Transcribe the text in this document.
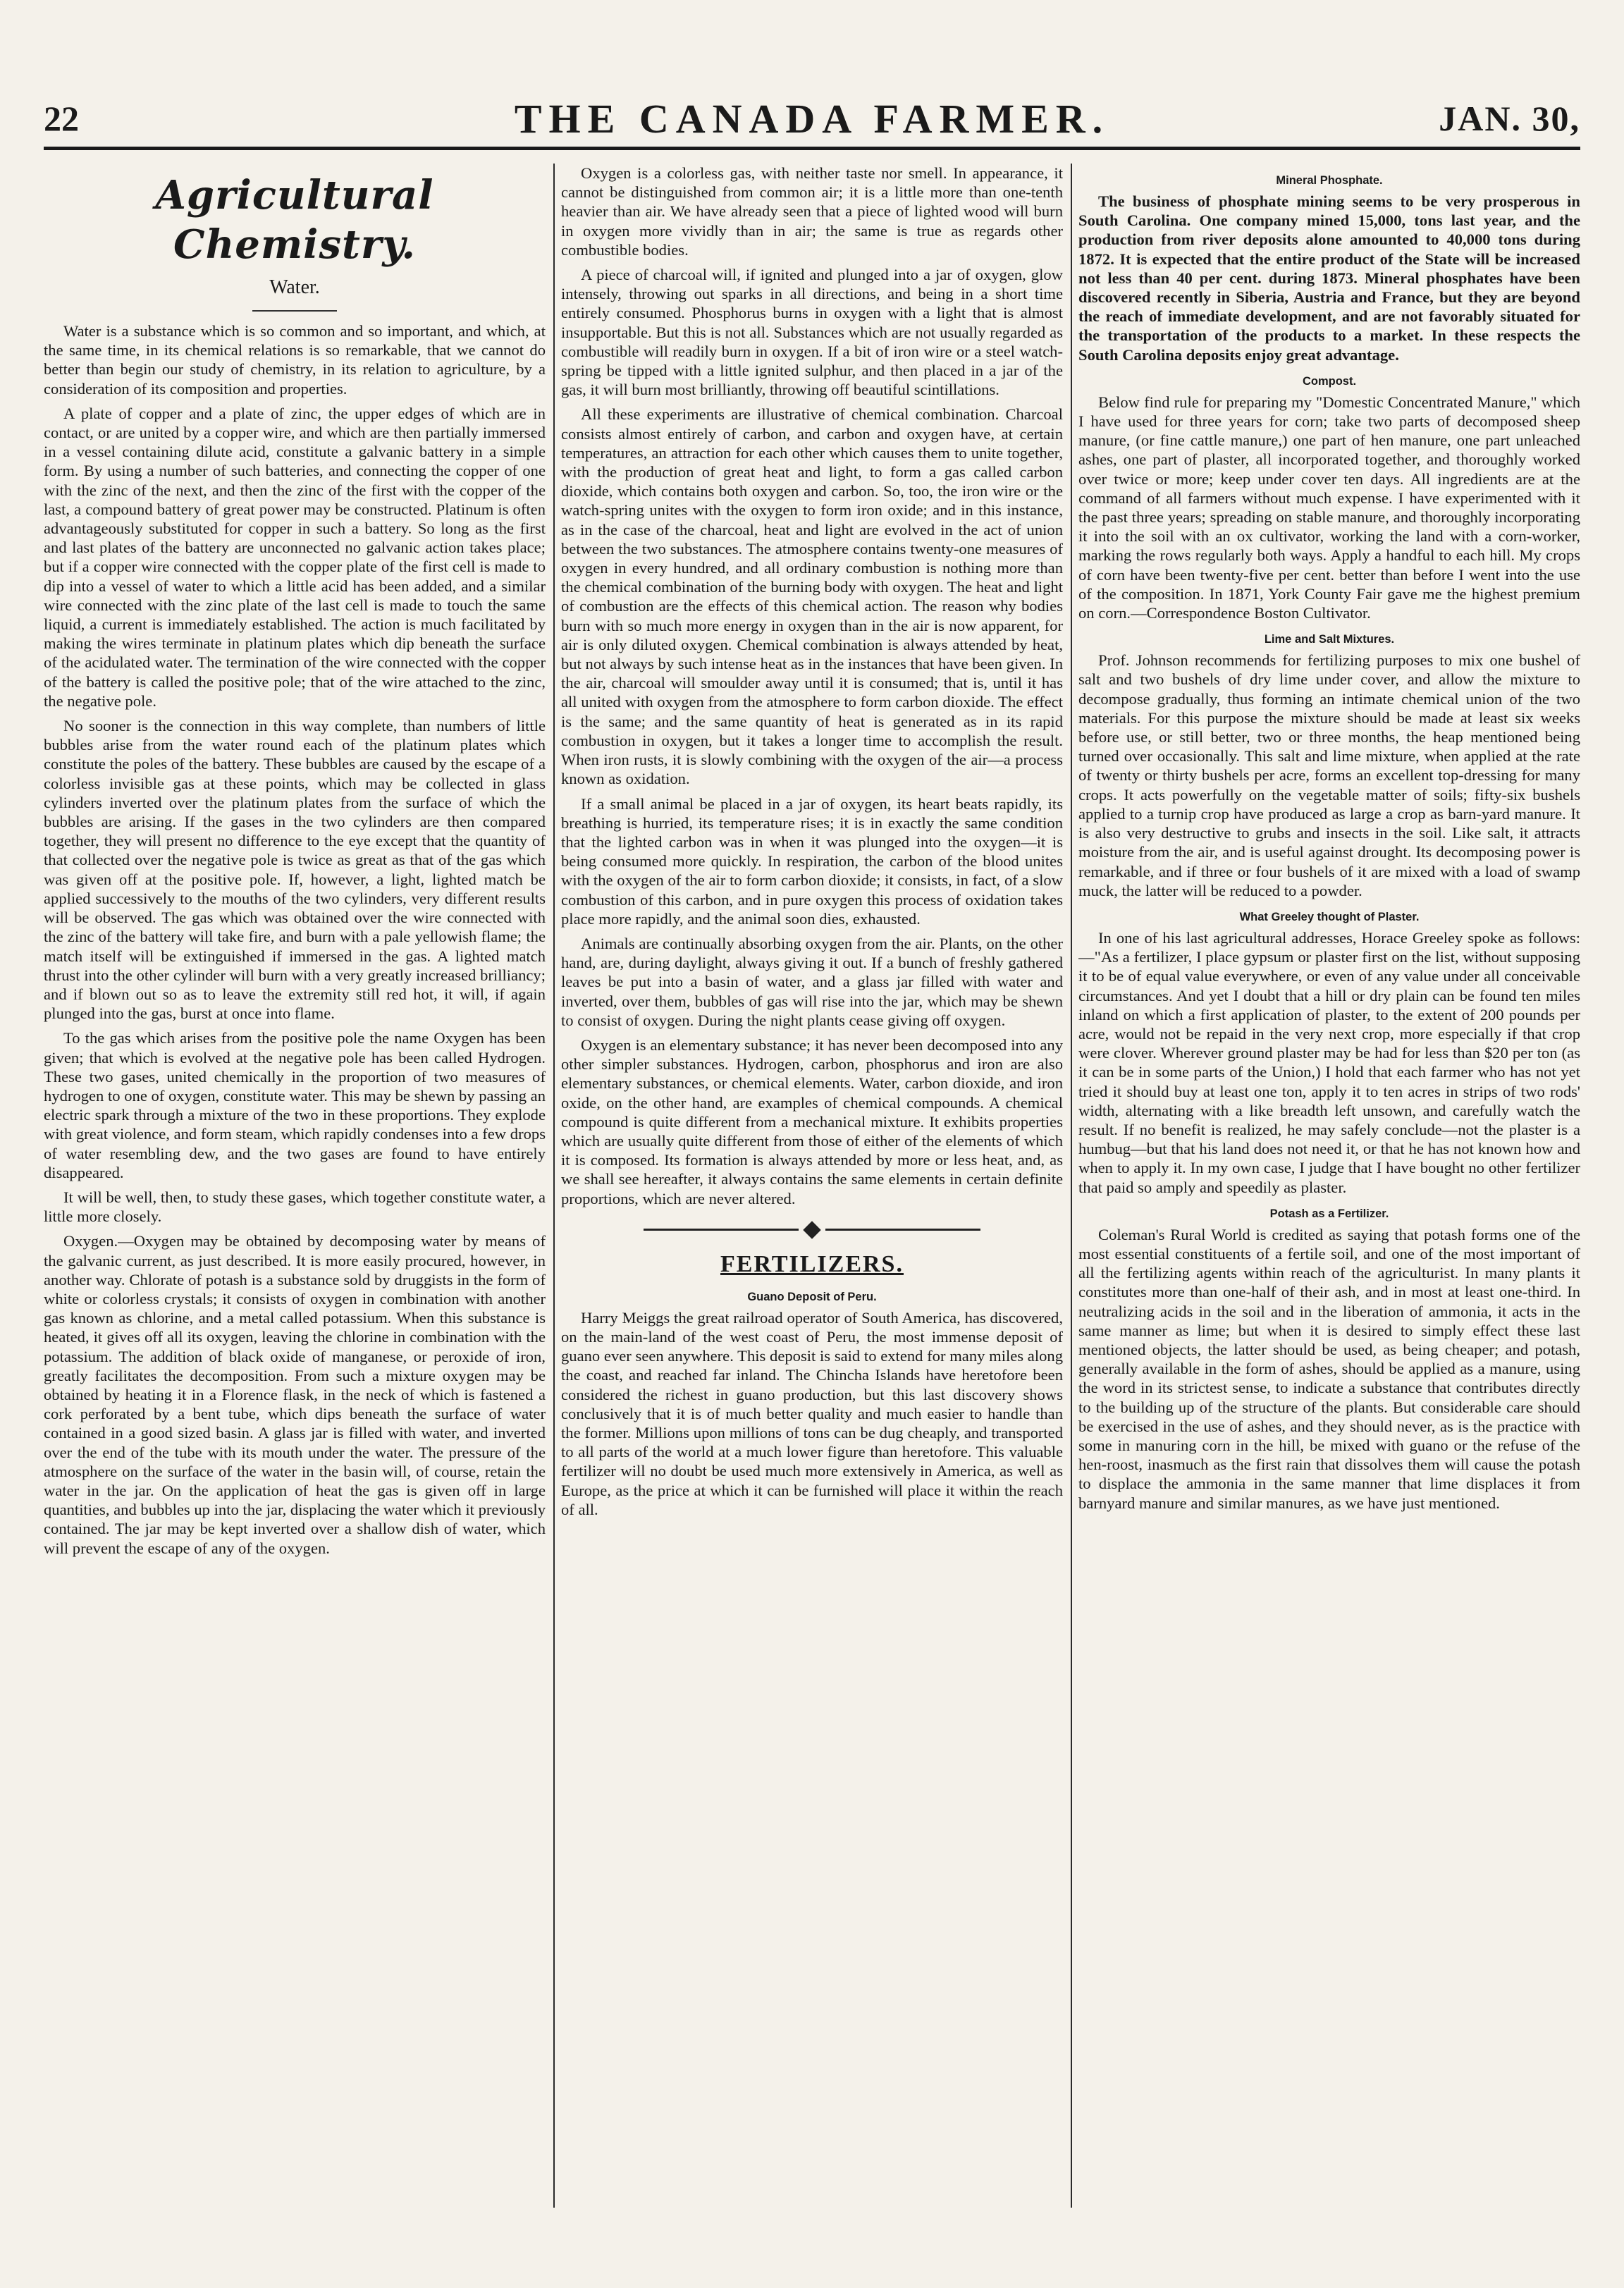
22	THE CANADA FARMER.	JAN. 30,
Agricultural Chemistry.
Water.

Water is a substance which is so common and so important, and which, at the same time, in its chemical relations is so remarkable, that we cannot do better than begin our study of chemistry, in its relation to agriculture, by a consideration of its composition and properties.

A plate of copper and a plate of zinc, the upper edges of which are in contact, or are united by a copper wire, and which are then partially immersed in a vessel containing dilute acid, constitute a galvanic battery in a simple form. By using a number of such batteries, and connecting the copper of one with the zinc of the next, and then the zinc of the first with the copper of the last, a compound battery of great power may be constructed. Platinum is often advantageously substituted for copper in such a battery. So long as the first and last plates of the battery are unconnected no galvanic action takes place; but if a copper wire connected with the copper plate of the first cell is made to dip into a vessel of water to which a little acid has been added, and a similar wire connected with the zinc plate of the last cell is made to touch the same liquid, a current is immediately established. The action is much facilitated by making the wires terminate in platinum plates which dip beneath the surface of the acidulated water. The termination of the wire connected with the copper of the battery is called the positive pole; that of the wire attached to the zinc, the negative pole.

No sooner is the connection in this way complete, than numbers of little bubbles arise from the water round each of the platinum plates which constitute the poles of the battery. These bubbles are caused by the escape of a colorless invisible gas at these points, which may be collected in glass cylinders inverted over the platinum plates from the surface of which the bubbles are arising. If the gases in the two cylinders are then compared together, they will present no difference to the eye except that the quantity of that collected over the negative pole is twice as great as that of the gas which was given off at the positive pole. If, however, a light, lighted match be applied successively to the mouths of the two cylinders, very different results will be observed. The gas which was obtained over the wire connected with the zinc of the battery will take fire, and burn with a pale yellowish flame; the match itself will be extinguished if immersed in the gas. A lighted match thrust into the other cylinder will burn with a very greatly increased brilliancy; and if blown out so as to leave the extremity still red hot, it will, if again plunged into the gas, burst at once into flame.

To the gas which arises from the positive pole the name Oxygen has been given; that which is evolved at the negative pole has been called Hydrogen. These two gases, united chemically in the proportion of two measures of hydrogen to one of oxygen, constitute water. This may be shewn by passing an electric spark through a mixture of the two in these proportions. They explode with great violence, and form steam, which rapidly condenses into a few drops of water resembling dew, and the two gases are found to have entirely disappeared.

It will be well, then, to study these gases, which together constitute water, a little more closely.

Oxygen.—Oxygen may be obtained by decomposing water by means of the galvanic current, as just described. It is more easily procured, however, in another way. Chlorate of potash is a substance sold by druggists in the form of white or colorless crystals; it consists of oxygen in combination with another gas known as chlorine, and a metal called potassium. When this substance is heated, it gives off all its oxygen, leaving the chlorine in combination with the potassium. The addition of black oxide of manganese, or peroxide of iron, greatly facilitates the decomposition. From such a mixture oxygen may be obtained by heating it in a Florence flask, in the neck of which is fastened a cork perforated by a bent tube, which dips beneath the surface of water contained in a good sized basin. A glass jar is filled with water, and inverted over the end of the tube with its mouth under the water. The pressure of the atmosphere on the surface of the water in the basin will, of course, retain the water in the jar. On the application of heat the gas is given off in large quantities, and bubbles up into the jar, displacing the water which it previously contained. The jar may be kept inverted over a shallow dish of water, which will prevent the escape of any of the oxygen.

Oxygen is a colorless gas, with neither taste nor smell. In appearance, it cannot be distinguished from common air; it is a little more than one-tenth heavier than air. We have already seen that a piece of lighted wood will burn in oxygen more vividly than in air; the same is true as regards other combustible bodies.

A piece of charcoal will, if ignited and plunged into a jar of oxygen, glow intensely, throwing out sparks in all directions, and being in a short time entirely consumed. Phosphorus burns in oxygen with a light that is almost insupportable. But this is not all. Substances which are not usually regarded as combustible will readily burn in oxygen. If a bit of iron wire or a steel watch-spring be tipped with a little ignited sulphur, and then placed in a jar of the gas, it will burn most brilliantly, throwing off beautiful scintillations.

All these experiments are illustrative of chemical combination. Charcoal consists almost entirely of carbon, and carbon and oxygen have, at certain temperatures, an attraction for each other which causes them to unite together, with the production of great heat and light, to form a gas called carbon dioxide, which contains both oxygen and carbon. So, too, the iron wire or the watch-spring unites with the oxygen to form iron oxide; and in this instance, as in the case of the charcoal, heat and light are evolved in the act of union between the two substances. The atmosphere contains twenty-one measures of oxygen in every hundred, and all ordinary combustion is nothing more than the chemical combination of the burning body with oxygen. The heat and light of combustion are the effects of this chemical action. The reason why bodies burn with so much more energy in oxygen than in the air is now apparent, for air is only diluted oxygen. Chemical combination is always attended by heat, but not always by such intense heat as in the instances that have been given. In the air, charcoal will smoulder away until it is consumed; that is, until it has all united with oxygen from the atmosphere to form carbon dioxide. The effect is the same; and the same quantity of heat is generated as in its rapid combustion in oxygen, but it takes a longer time to accomplish the result. When iron rusts, it is slowly combining with the oxygen of the air—a process known as oxidation.

If a small animal be placed in a jar of oxygen, its heart beats rapidly, its breathing is hurried, its temperature rises; it is in exactly the same condition that the lighted carbon was in when it was plunged into the oxygen—it is being consumed more quickly. In respiration, the carbon of the blood unites with the oxygen of the air to form carbon dioxide; it consists, in fact, of a slow combustion of this carbon, and in pure oxygen this process of oxidation takes place more rapidly, and the animal soon dies, exhausted.

Animals are continually absorbing oxygen from the air. Plants, on the other hand, are, during daylight, always giving it out. If a bunch of freshly gathered leaves be put into a basin of water, and a glass jar filled with water and inverted, over them, bubbles of gas will rise into the jar, which may be shewn to consist of oxygen. During the night plants cease giving off oxygen.

Oxygen is an elementary substance; it has never been decomposed into any other simpler substances. Hydrogen, carbon, phosphorus and iron are also elementary substances, or chemical elements. Water, carbon dioxide, and iron oxide, on the other hand, are examples of chemical compounds. A chemical compound is quite different from a mechanical mixture. It exhibits properties which are usually quite different from those of either of the elements of which it is composed. Its formation is always attended by more or less heat, and, as we shall see hereafter, it always contains the same elements in certain definite proportions, which are never altered.

FERTILIZERS.
Guano Deposit of Peru.

Harry Meiggs the great railroad operator of South America, has discovered, on the main-land of the west coast of Peru, the most immense deposit of guano ever seen anywhere. This deposit is said to extend for many miles along the coast, and reached far inland. The Chincha Islands have heretofore been considered the richest in guano production, but this last discovery shows conclusively that it is of much better quality and much easier to handle than the former. Millions upon millions of tons can be dug cheaply, and transported to all parts of the world at a much lower figure than heretofore. This valuable fertilizer will no doubt be used much more extensively in America, as well as Europe, as the price at which it can be furnished will place it within the reach of all.

Mineral Phosphate.

The business of phosphate mining seems to be very prosperous in South Carolina. One company mined 15,000, tons last year, and the production from river deposits alone amounted to 40,000 tons during 1872. It is expected that the entire product of the State will be increased not less than 40 per cent. during 1873. Mineral phosphates have been discovered recently in Siberia, Austria and France, but they are beyond the reach of immediate development, and are not favorably situated for the transportation of the products to a market. In these respects the South Carolina deposits enjoy great advantage.

Compost.

Below find rule for preparing my "Domestic Concentrated Manure," which I have used for three years for corn; take two parts of decomposed sheep manure, (or fine cattle manure,) one part of hen manure, one part unleached ashes, one part of plaster, all incorporated together, and thoroughly worked over twice or more; keep under cover ten days. All ingredients are at the command of all farmers without much expense. I have experimented with it the past three years; spreading on stable manure, and thoroughly incorporating it into the soil with an ox cultivator, working the land with a corn-worker, marking the rows regularly both ways. Apply a handful to each hill. My crops of corn have been twenty-five per cent. better than before I went into the use of the composition. In 1871, York County Fair gave me the highest premium on corn.—Correspondence Boston Cultivator.

Lime and Salt Mixtures.

Prof. Johnson recommends for fertilizing purposes to mix one bushel of salt and two bushels of dry lime under cover, and allow the mixture to decompose gradually, thus forming an intimate chemical union of the two materials. For this purpose the mixture should be made at least six weeks before use, or still better, two or three months, the heap mentioned being turned over occasionally. This salt and lime mixture, when applied at the rate of twenty or thirty bushels per acre, forms an excellent top-dressing for many crops. It acts powerfully on the vegetable matter of soils; fifty-six bushels applied to a turnip crop have produced as large a crop as barn-yard manure. It is also very destructive to grubs and insects in the soil. Like salt, it attracts moisture from the air, and is useful against drought. Its decomposing power is remarkable, and if three or four bushels of it are mixed with a load of swamp muck, the latter will be reduced to a powder.

What Greeley thought of Plaster.

In one of his last agricultural addresses, Horace Greeley spoke as follows:—"As a fertilizer, I place gypsum or plaster first on the list, without supposing it to be of equal value everywhere, or even of any value under all conceivable circumstances. And yet I doubt that a hill or dry plain can be found ten miles inland on which a first application of plaster, to the extent of 200 pounds per acre, would not be repaid in the very next crop, more especially if that crop were clover. Wherever ground plaster may be had for less than $20 per ton (as it can be in some parts of the Union,) I hold that each farmer who has not yet tried it should buy at least one ton, apply it to ten acres in strips of two rods' width, alternating with a like breadth left unsown, and carefully watch the result. If no benefit is realized, he may safely conclude—not the plaster is a humbug—but that his land does not need it, or that he has not known how and when to apply it. In my own case, I judge that I have bought no other fertilizer that paid so amply and speedily as plaster.

Potash as a Fertilizer.

Coleman's Rural World is credited as saying that potash forms one of the most essential constituents of a fertile soil, and one of the most important of all the fertilizing agents within reach of the agriculturist. In many plants it constitutes more than one-half of their ash, and in most at least one-third. In neutralizing acids in the soil and in the liberation of ammonia, it acts in the same manner as lime; but when it is desired to simply effect these last mentioned objects, the latter should be used, as being cheaper; and potash, generally available in the form of ashes, should be applied as a manure, using the word in its strictest sense, to indicate a substance that contributes directly to the building up of the structure of the plants. But considerable care should be exercised in the use of ashes, and they should never, as is the practice with some in manuring corn in the hill, be mixed with guano or the refuse of the hen-roost, inasmuch as the first rain that dissolves them will cause the potash to displace the ammonia in the same manner that lime displaces it from barnyard manure and similar manures, as we have just mentioned.
